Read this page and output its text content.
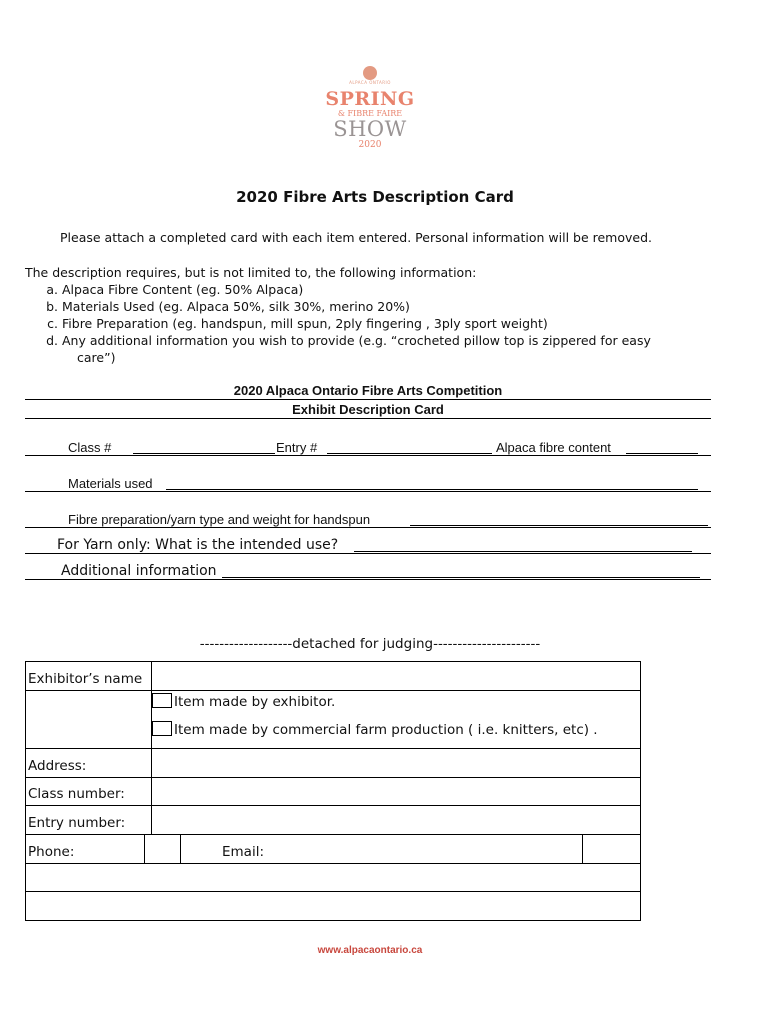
ALPACA ONTARIO
SPRING
& FIBRE FAIRE
SHOW
2020
2020 Fibre Arts Description Card
Please attach a completed card with each item entered. Personal information will be removed.
The description requires, but is not limited to, the following information:
a. Alpaca Fibre Content (eg. 50% Alpaca)
b. Materials Used (eg. Alpaca 50%, silk 30%, merino 20%)
c. Fibre Preparation (eg. handspun, mill spun, 2ply fingering , 3ply sport weight)
d. Any additional information you wish to provide (e.g. “crocheted pillow top is zippered for easy
care”)
2020 Alpaca Ontario Fibre Arts Competition
Exhibit Description Card
Class #	Entry #	Alpaca fibre content
Materials used
Fibre preparation/yarn type and weight for handspun
For Yarn only: What is the intended use?
Additional information
-------------------detached for judging----------------------
Exhibitor’s name
Item made by exhibitor.
Item made by commercial farm production ( i.e. knitters, etc) .
Address:
Class number:
Entry number:
Phone:	Email:
www.alpacaontario.ca
